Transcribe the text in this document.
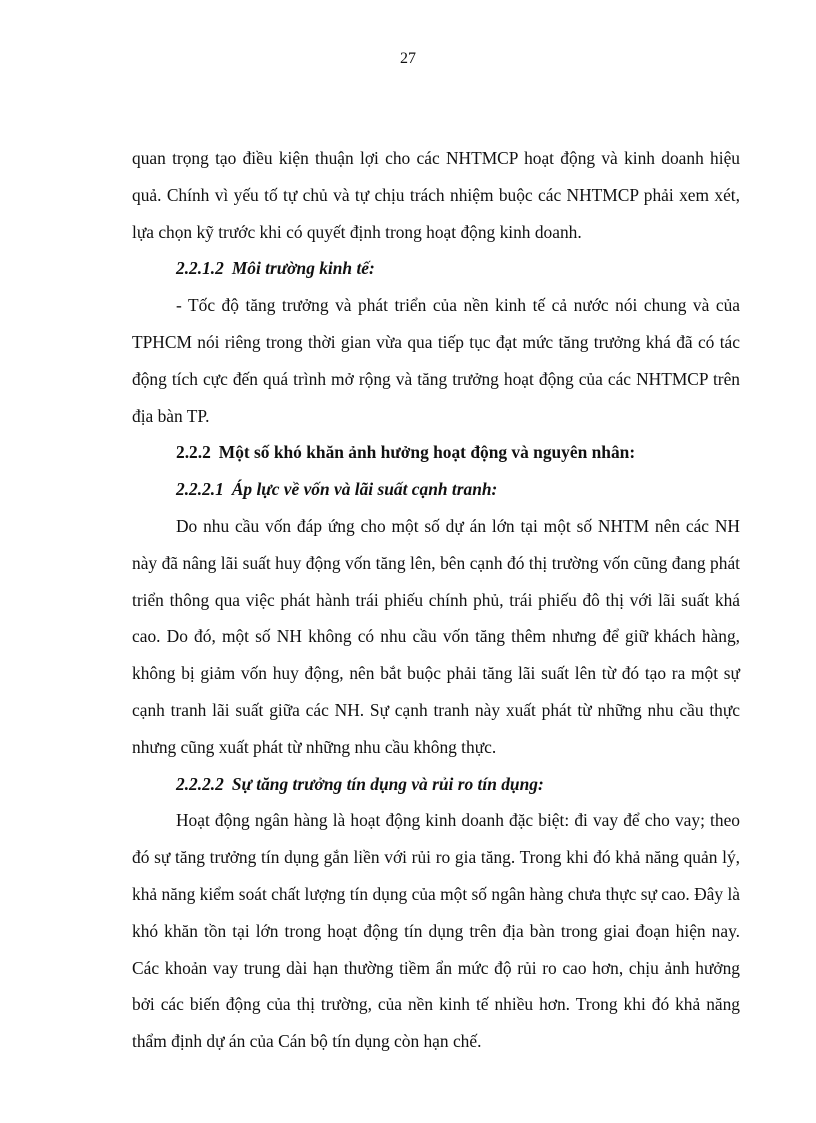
27

quan trọng tạo điều kiện thuận lợi cho các NHTMCP hoạt động và kinh doanh hiệu quả. Chính vì yếu tố tự chủ và tự chịu trách nhiệm buộc các NHTMCP phải xem xét, lựa chọn kỹ trước khi có quyết định trong hoạt động kinh doanh.

2.2.1.2 Môi trường kinh tế:

- Tốc độ tăng trưởng và phát triển của nền kinh tế cả nước nói chung và của TPHCM nói riêng trong thời gian vừa qua tiếp tục đạt mức tăng trưởng khá đã có tác động tích cực đến quá trình mở rộng và tăng trưởng hoạt động của các NHTMCP trên địa bàn TP.

2.2.2 Một số khó khăn ảnh hưởng hoạt động và nguyên nhân:
2.2.2.1 Áp lực về vốn và lãi suất cạnh tranh:

Do nhu cầu vốn đáp ứng cho một số dự án lớn tại một số NHTM nên các NH này đã nâng lãi suất huy động vốn tăng lên, bên cạnh đó thị trường vốn cũng đang phát triển thông qua việc phát hành trái phiếu chính phủ, trái phiếu đô thị với lãi suất khá cao. Do đó, một số NH không có nhu cầu vốn tăng thêm nhưng để giữ khách hàng, không bị giảm vốn huy động, nên bắt buộc phải tăng lãi suất lên từ đó tạo ra một sự cạnh tranh lãi suất giữa các NH. Sự cạnh tranh này xuất phát từ những nhu cầu thực nhưng cũng xuất phát từ những nhu cầu không thực.

2.2.2.2 Sự tăng trưởng tín dụng và rủi ro tín dụng:

Hoạt động ngân hàng là hoạt động kinh doanh đặc biệt: đi vay để cho vay; theo đó sự tăng trưởng tín dụng gắn liền với rủi ro gia tăng. Trong khi đó khả năng quản lý, khả năng kiểm soát chất lượng tín dụng của một số ngân hàng chưa thực sự cao. Đây là khó khăn tồn tại lớn trong hoạt động tín dụng trên địa bàn trong giai đoạn hiện nay. Các khoản vay trung dài hạn thường tiềm ẩn mức độ rủi ro cao hơn, chịu ảnh hưởng bởi các biến động của thị trường, của nền kinh tế nhiều hơn. Trong khi đó khả năng thẩm định dự án của Cán bộ tín dụng còn hạn chế.
